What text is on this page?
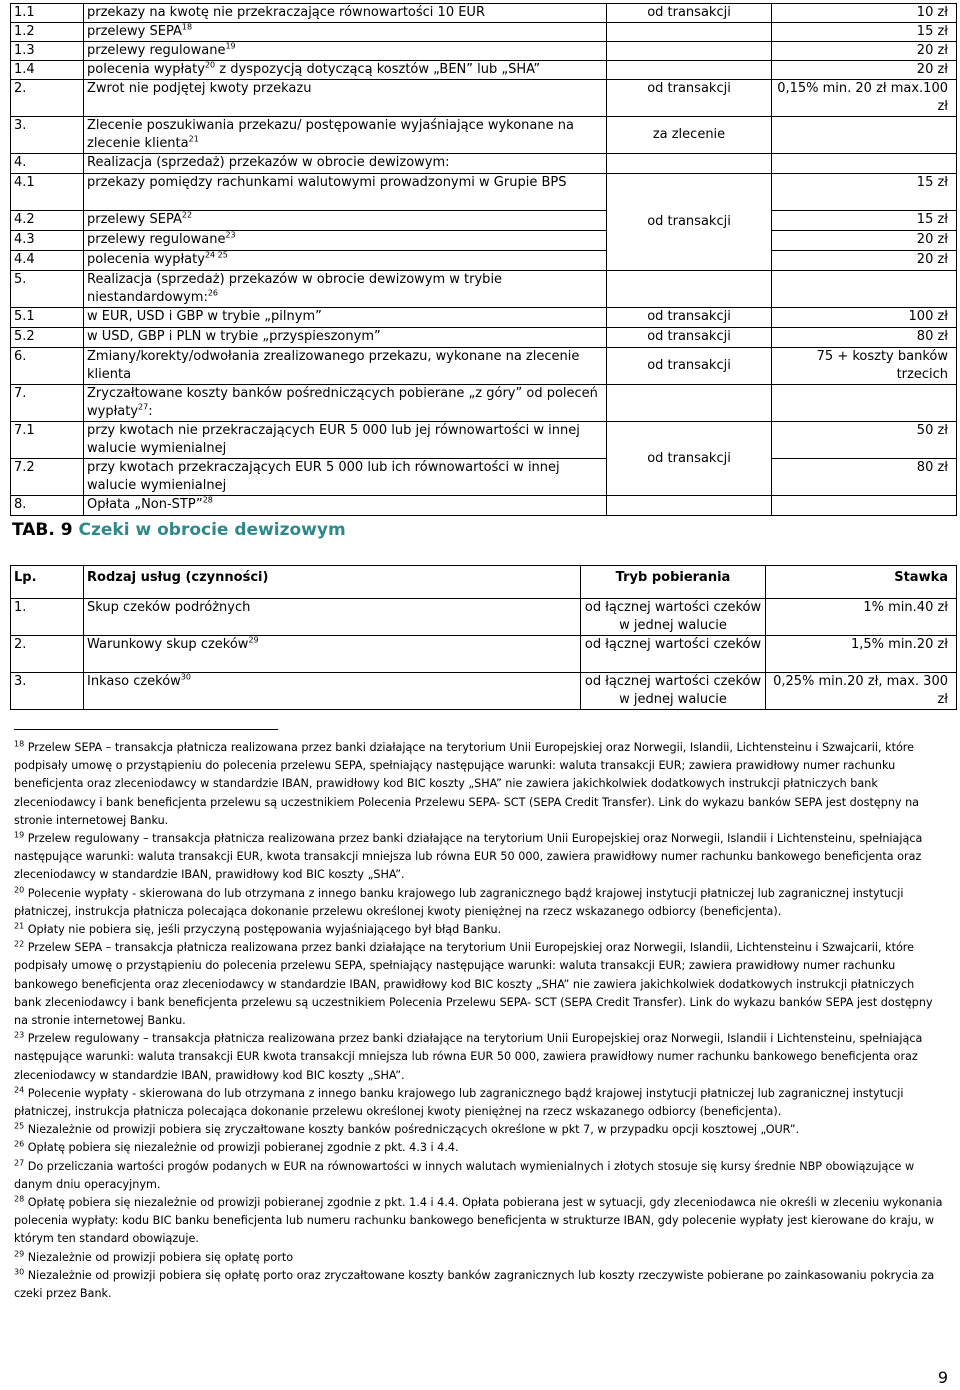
1.1	przekazy na kwotę nie przekraczające równowartości 10 EUR	od transakcji	10 zł
1.2	przelewy SEPA$^{18}$		15 zł
1.3	przelewy regulowane$^{19}$		20 zł
1.4	polecenia wypłaty$^{20}$ z dyspozycją dotyczącą kosztów „BEN” lub „SHA”		20 zł
2.	Zwrot nie podjętej kwoty przekazu	od transakcji	0,15% min. 20 zł max.100 zł
3.	Zlecenie poszukiwania przekazu/ postępowanie wyjaśniające wykonane na zlecenie klienta$^{21}$	za zlecenie	
4.	Realizacja (sprzedaż) przekazów w obrocie dewizowym:		
4.1	przekazy pomiędzy rachunkami walutowymi prowadzonymi w Grupie BPS	od transakcji	15 zł
4.2	przelewy SEPA$^{22}$		15 zł
4.3	przelewy regulowane$^{23}$		20 zł
4.4	polecenia wypłaty$^{24 25}$		20 zł
5.	Realizacja (sprzedaż) przekazów w obrocie dewizowym w trybie niestandardowym:$^{26}$		
5.1	w EUR, USD i GBP w trybie „pilnym”	od transakcji	100 zł
5.2	w USD, GBP i PLN w trybie „przyspieszonym”	od transakcji	80 zł
6.	Zmiany/korekty/odwołania zrealizowanego przekazu, wykonane na zlecenie klienta	od transakcji	75 + koszty banków trzecich
7.	Zryczałtowane koszty banków pośredniczących pobierane „z góry” od poleceń wypłaty$^{27}$:		
7.1	przy kwotach nie przekraczających EUR 5 000 lub jej równowartości w innej walucie wymienialnej	od transakcji	50 zł
7.2	przy kwotach przekraczających EUR 5 000 lub ich równowartości w innej walucie wymienialnej		80 zł
8.	Opłata „Non-STP”$^{28}$		
TAB. 9 Czeki w obrocie dewizowym
Lp.	Rodzaj usług (czynności)	Tryb pobierania	Stawka

1.	Skup czeków podróżnych	od łącznej wartości czeków w jednej walucie	1% min.40 zł
2.	Warunkowy skup czeków$^{29}$	od łącznej wartości czeków	1,5% min.20 zł
3.	Inkaso czeków$^{30}$	od łącznej wartości czeków w jednej walucie	0,25% min.20 zł, max. 300 zł

$^{18}$ Przelew SEPA – transakcja płatnicza realizowana przez banki działające na terytorium Unii Europejskiej oraz Norwegii, Islandii, Lichtensteinu i Szwajcarii, które podpisały umowę o przystąpieniu do polecenia przelewu SEPA, spełniający następujące warunki: waluta transakcji EUR; zawiera prawidłowy numer rachunku beneficjenta oraz zleceniodawcy w standardzie IBAN, prawidłowy kod BIC koszty „SHA” nie zawiera jakichkolwiek dodatkowych instrukcji płatniczych bank zleceniodawcy i bank beneficjenta przelewu są uczestnikiem Polecenia Przelewu SEPA- SCT (SEPA Credit Transfer). Link do wykazu banków SEPA jest dostępny na stronie internetowej Banku.

$^{19}$ Przelew regulowany – transakcja płatnicza realizowana przez banki działające na terytorium Unii Europejskiej oraz Norwegii, Islandii i Lichtensteinu, spełniająca następujące warunki: waluta transakcji EUR, kwota transakcji mniejsza lub równa EUR 50 000, zawiera prawidłowy numer rachunku bankowego beneficjenta oraz zleceniodawcy w standardzie IBAN, prawidłowy kod BIC koszty „SHA”.

$^{20}$ Polecenie wypłaty - skierowana do lub otrzymana z innego banku krajowego lub zagranicznego bądź krajowej instytucji płatniczej lub zagranicznej instytucji płatniczej, instrukcja płatnicza polecająca dokonanie przelewu określonej kwoty pieniężnej na rzecz wskazanego odbiorcy (beneficjenta).

$^{21}$ Opłaty nie pobiera się, jeśli przyczyną postępowania wyjaśniającego był błąd Banku.

$^{22}$ Przelew SEPA – transakcja płatnicza realizowana przez banki działające na terytorium Unii Europejskiej oraz Norwegii, Islandii, Lichtensteinu i Szwajcarii, które podpisały umowę o przystąpieniu do polecenia przelewu SEPA, spełniający następujące warunki: waluta transakcji EUR; zawiera prawidłowy numer rachunku bankowego beneficjenta oraz zleceniodawcy w standardzie IBAN, prawidłowy kod BIC koszty „SHA” nie zawiera jakichkolwiek dodatkowych instrukcji płatniczych bank zleceniodawcy i bank beneficjenta przelewu są uczestnikiem Polecenia Przelewu SEPA- SCT (SEPA Credit Transfer). Link do wykazu banków SEPA jest dostępny na stronie internetowej Banku.

$^{23}$ Przelew regulowany – transakcja płatnicza realizowana przez banki działające na terytorium Unii Europejskiej oraz Norwegii, Islandii i Lichtensteinu, spełniająca następujące warunki: waluta transakcji EUR kwota transakcji mniejsza lub równa EUR 50 000, zawiera prawidłowy numer rachunku bankowego beneficjenta oraz zleceniodawcy w standardzie IBAN, prawidłowy kod BIC koszty „SHA”.

$^{24}$ Polecenie wypłaty - skierowana do lub otrzymana z innego banku krajowego lub zagranicznego bądź krajowej instytucji płatniczej lub zagranicznej instytucji płatniczej, instrukcja płatnicza polecająca dokonanie przelewu określonej kwoty pieniężnej na rzecz wskazanego odbiorcy (beneficjenta).

$^{25}$ Niezależnie od prowizji pobiera się zryczałtowane koszty banków pośredniczących określone w pkt 7, w przypadku opcji kosztowej „OUR”.

$^{26}$ Opłatę pobiera się niezależnie od prowizji pobieranej zgodnie z pkt. 4.3 i 4.4.

$^{27}$ Do przeliczania wartości progów podanych w EUR na równowartości w innych walutach wymienialnych i złotych stosuje się kursy średnie NBP obowiązujące w danym dniu operacyjnym.

$^{28}$ Opłatę pobiera się niezależnie od prowizji pobieranej zgodnie z pkt. 1.4 i 4.4. Opłata pobierana jest w sytuacji, gdy zleceniodawca nie określi w zleceniu wykonania polecenia wypłaty: kodu BIC banku beneficjenta lub numeru rachunku bankowego beneficjenta w strukturze IBAN, gdy polecenie wypłaty jest kierowane do kraju, w którym ten standard obowiązuje.

$^{29}$ Niezależnie od prowizji pobiera się opłatę porto

$^{30}$ Niezależnie od prowizji pobiera się opłatę porto oraz zryczałtowane koszty banków zagranicznych lub koszty rzeczywiste pobierane po zainkasowaniu pokrycia za czeki przez Bank.

9
